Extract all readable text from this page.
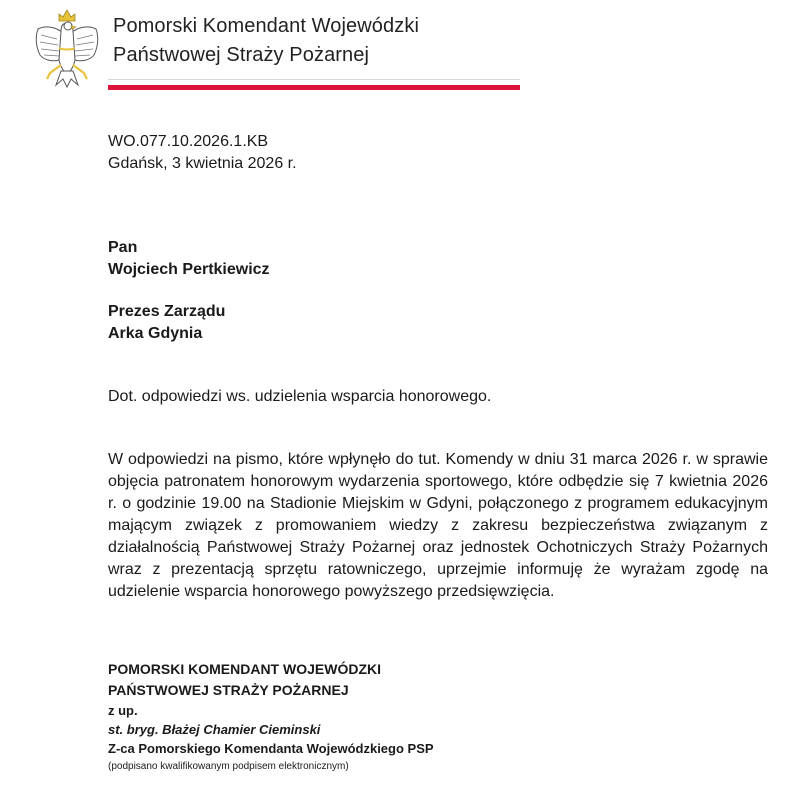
Pomorski Komendant Wojewódzki
Państwowej Straży Pożarnej
WO.077.10.2026.1.KB
Gdańsk, 3 kwietnia 2026 r.
Pan
Wojciech Pertkiewicz
Prezes Zarządu
Arka Gdynia
Dot. odpowiedzi ws. udzielenia wsparcia honorowego.

W odpowiedzi na pismo, które wpłynęło do tut. Komendy w dniu 31 marca 2026 r. w sprawie objęcia patronatem honorowym wydarzenia sportowego, które odbędzie się 7 kwietnia 2026 r. o godzinie 19.00 na Stadionie Miejskim w Gdyni, połączonego z programem edukacyjnym mającym związek z promowaniem wiedzy z zakresu bezpieczeństwa związanym z działalnością Państwowej Straży Pożarnej oraz jednostek Ochotniczych Straży Pożarnych wraz z prezentacją sprzętu ratowniczego, uprzejmie informuję że wyrażam zgodę na udzielenie wsparcia honorowego powyższego przedsięwzięcia.

POMORSKI KOMENDANT WOJEWÓDZKI
PAŃSTWOWEJ STRAŻY POŻARNEJ
z up.
st. bryg. Błażej Chamier Cieminski
Z-ca Pomorskiego Komendanta Wojewódzkiego PSP
(podpisano kwalifikowanym podpisem elektronicznym)
